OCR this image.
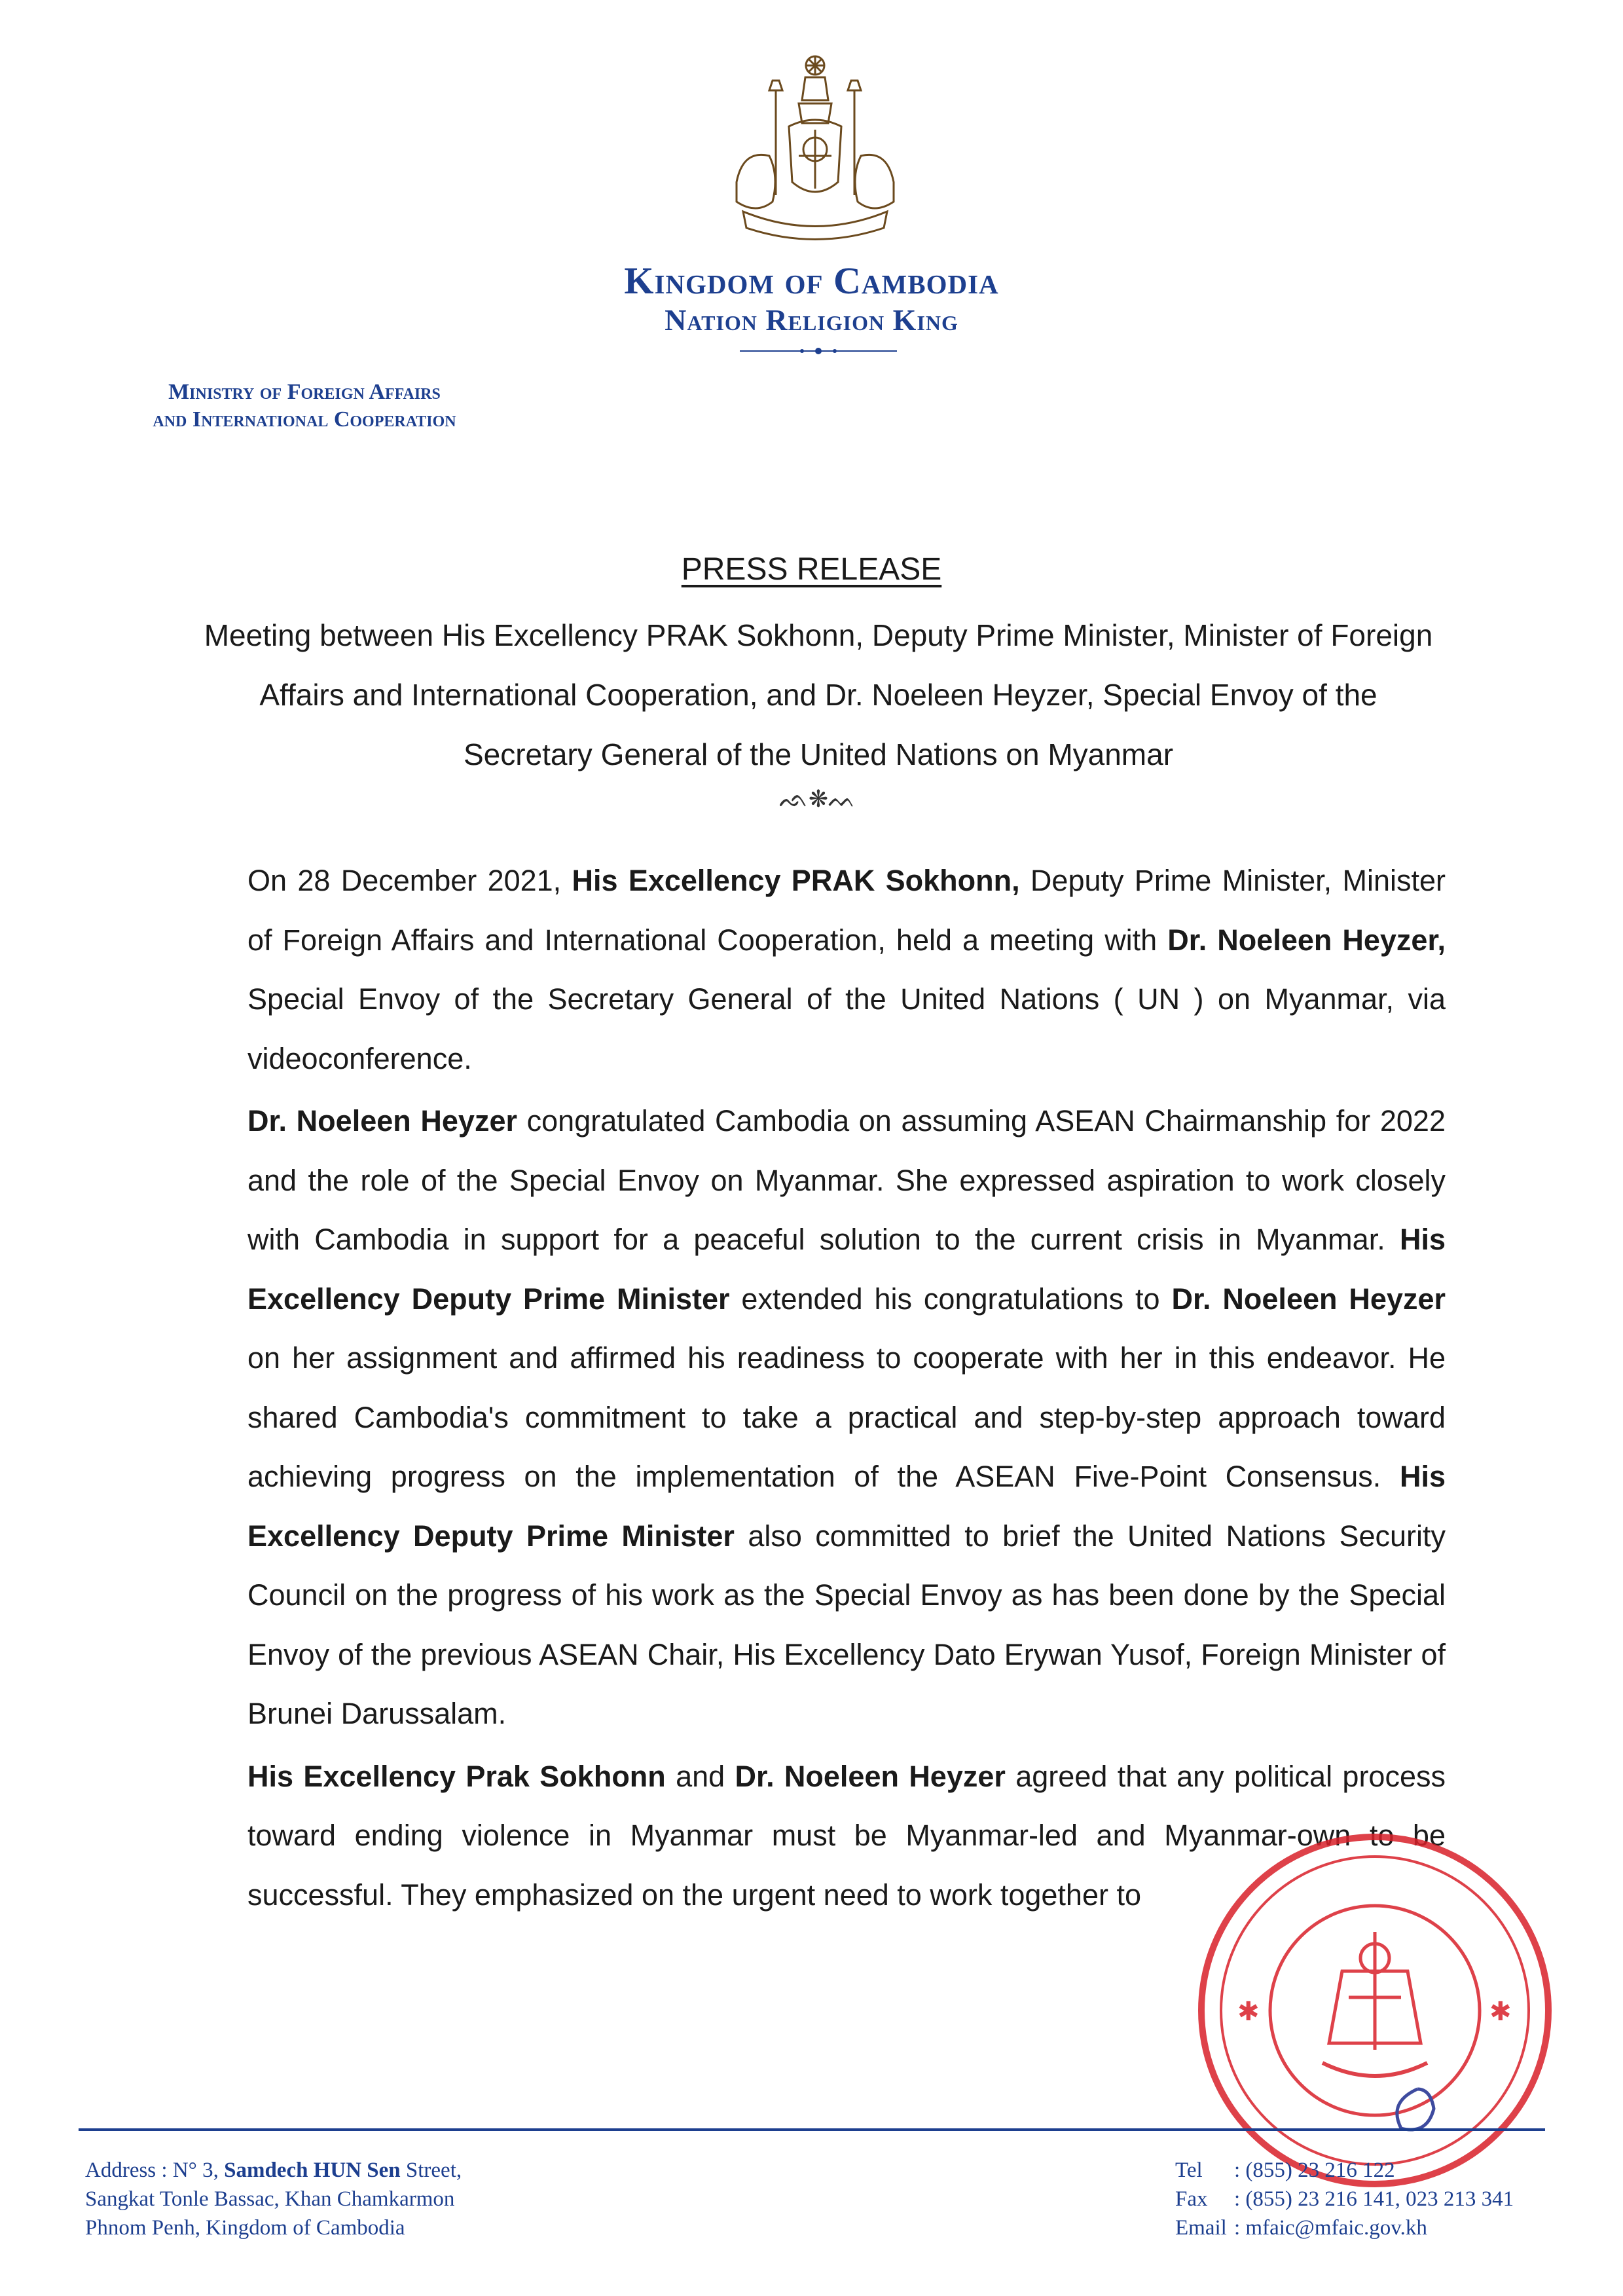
Kingdom of Cambodia
Nation Religion King
Ministry of Foreign Affairs
and International Cooperation
PRESS RELEASE
Meeting between His Excellency PRAK Sokhonn, Deputy Prime Minister, Minister of Foreign Affairs and International Cooperation, and Dr. Noeleen Heyzer, Special Envoy of the Secretary General of the United Nations on Myanmar
ᨒ❋ᨓ

On 28 December 2021, His Excellency PRAK Sokhonn, Deputy Prime Minister, Minister of Foreign Affairs and International Cooperation, held a meeting with Dr. Noeleen Heyzer, Special Envoy of the Secretary General of the United Nations ( UN ) on Myanmar, via videoconference.

Dr. Noeleen Heyzer congratulated Cambodia on assuming ASEAN Chairmanship for 2022 and the role of the Special Envoy on Myanmar. She expressed aspiration to work closely with Cambodia in support for a peaceful solution to the current crisis in Myanmar. His Excellency Deputy Prime Minister extended his congratulations to Dr. Noeleen Heyzer on her assignment and affirmed his readiness to cooperate with her in this endeavor. He shared Cambodia's commitment to take a practical and step-by-step approach toward achieving progress on the implementation of the ASEAN Five-Point Consensus. His Excellency Deputy Prime Minister also committed to brief the United Nations Security Council on the progress of his work as the Special Envoy as has been done by the Special Envoy of the previous ASEAN Chair, His Excellency Dato Erywan Yusof, Foreign Minister of Brunei Darussalam.

His Excellency Prak Sokhonn and Dr. Noeleen Heyzer agreed that any political process toward ending violence in Myanmar must be Myanmar-led and Myanmar-own to be successful. They emphasized on the urgent need to work together to

✱	✱
Address : N° 3, Samdech HUN Sen Street,
Sangkat Tonle Bassac, Khan Chamkarmon
Phnom Penh, Kingdom of Cambodia
Tel : (855) 23 216 122
Fax : (855) 23 216 141, 023 213 341
Email : mfaic@mfaic.gov.kh
